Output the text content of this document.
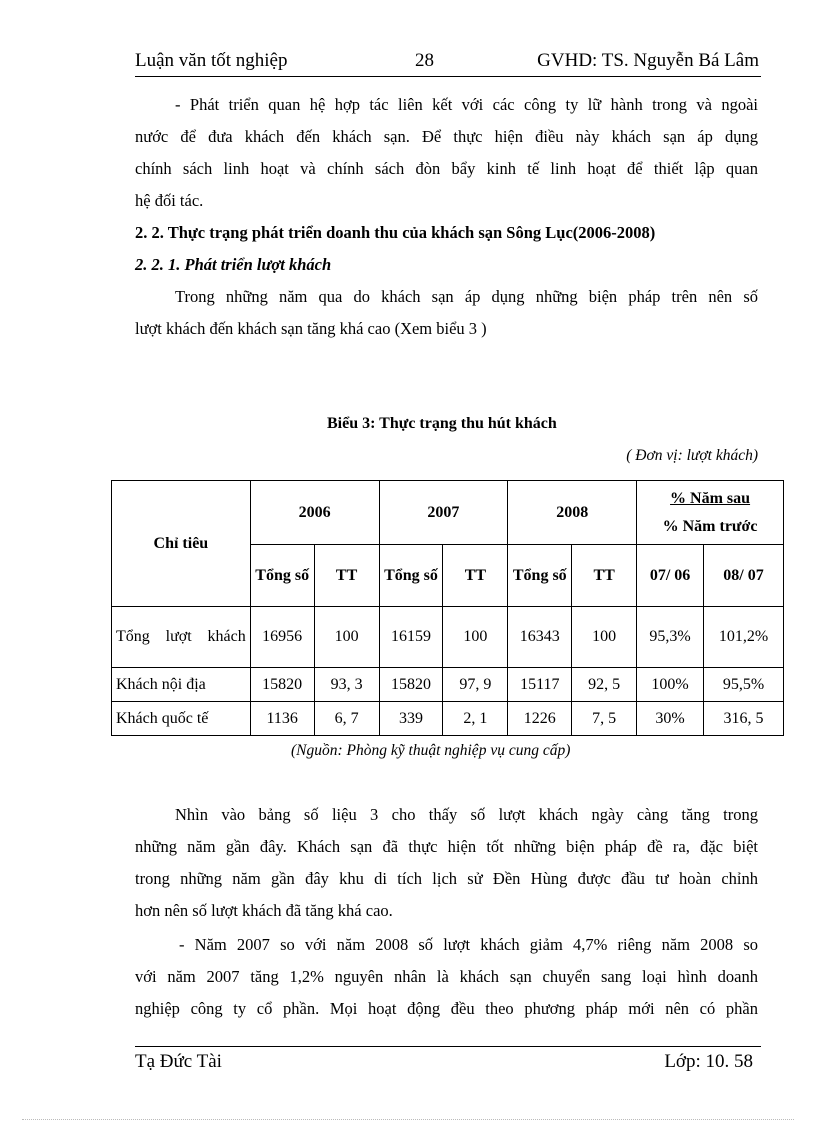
Luận văn tốt nghiệp	28	GVHD: TS. Nguyễn Bá Lâm
- Phát triển quan hệ hợp tác liên kết với các công ty lữ hành trong và ngoài
nước để đưa khách đến khách sạn. Để thực hiện điều này khách sạn áp dụng
chính sách linh hoạt và chính sách đòn bẩy kinh tế linh hoạt để thiết lập quan
hệ đối tác.
2. 2. Thực trạng phát triển doanh thu của khách sạn Sông Lục(2006-2008)
2. 2. 1. Phát triển lượt khách
Trong những năm qua do khách sạn áp dụng những biện pháp trên nên số
lượt khách đến khách sạn tăng khá cao (Xem biểu 3 )
Biểu 3: Thực trạng thu hút khách
( Đơn vị: lượt khách)
Chỉ tiêu	2006		2007		2008		% Năm sau
% Năm trước	

	Tổng số	TT	Tổng số	TT	Tổng số	TT	07/ 06	08/ 07
Tổng lượt khách	16956	100	16159	100	16343	100	95,3%	101,2%
Khách nội địa	15820	93, 3	15820	97, 9	15117	92, 5	100%	95,5%
Khách quốc tế	1136	6, 7	339	2, 1	1226	7, 5	30%	316, 5
(Nguồn: Phòng kỹ thuật nghiệp vụ cung cấp)
Nhìn vào bảng số liệu 3 cho thấy số lượt khách ngày càng tăng trong
những năm gần đây. Khách sạn đã thực hiện tốt những biện pháp đề ra, đặc biệt
trong những năm gần đây khu di tích lịch sử Đền Hùng được đầu tư hoàn chỉnh
hơn nên số lượt khách đã tăng khá cao.
- Năm 2007 so với năm 2008 số lượt khách giảm 4,7% riêng năm 2008 so
với năm 2007 tăng 1,2% nguyên nhân là khách sạn chuyển sang loại hình doanh
nghiệp công ty cổ phần. Mọi hoạt động đều theo phương pháp mới nên có phần
Tạ Đức Tài	Lớp: 10. 58
